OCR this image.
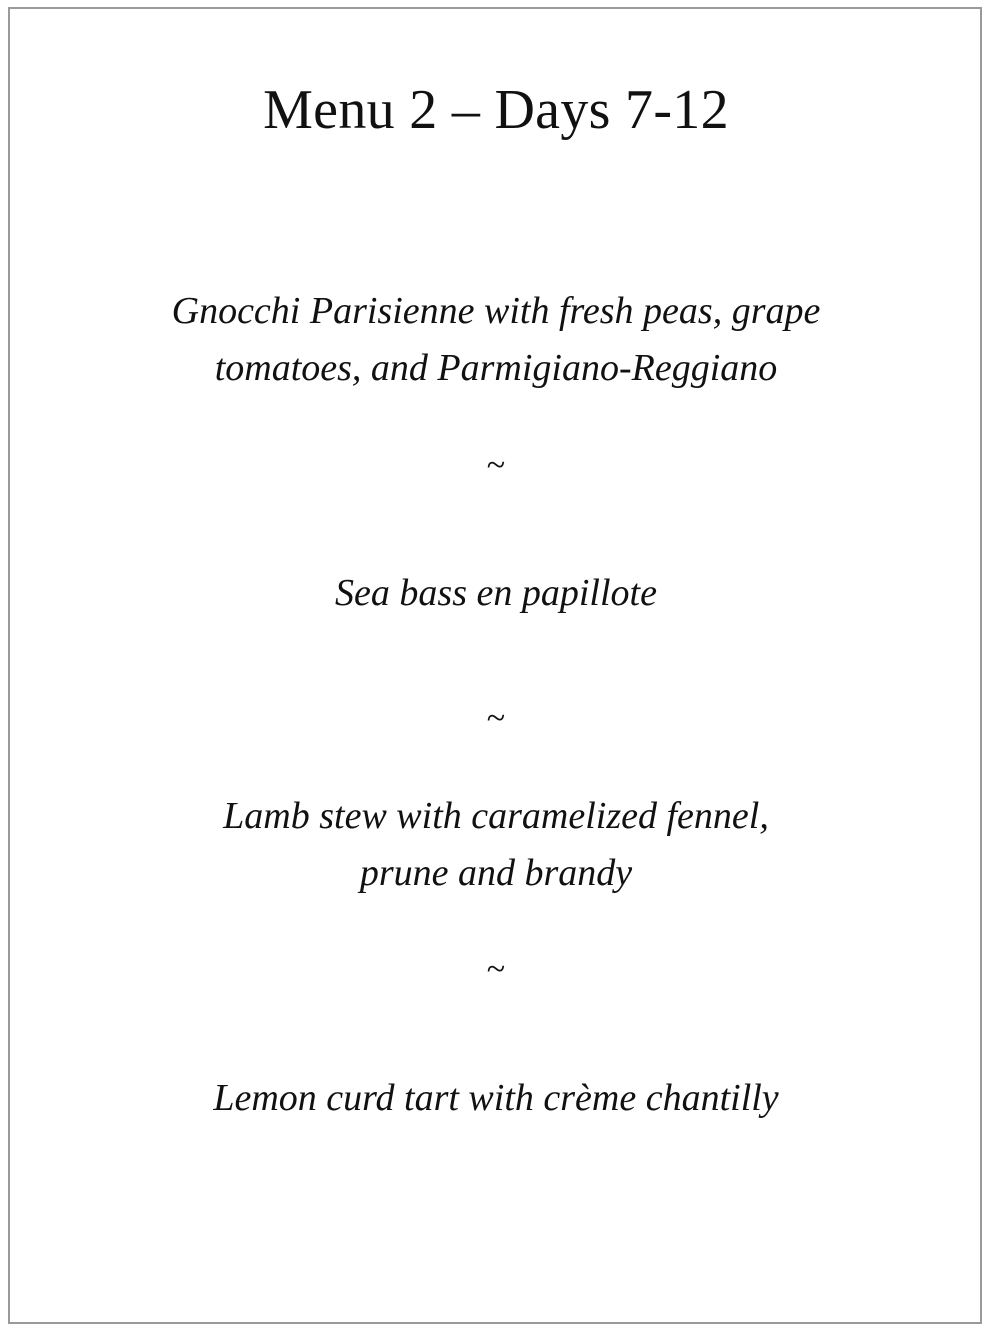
Menu 2 – Days 7-12
Gnocchi Parisienne with fresh peas, grape
tomatoes, and Parmigiano-Reggiano
~
Sea bass en papillote
~
Lamb stew with caramelized fennel,
prune and brandy
~
Lemon curd tart with crème chantilly
